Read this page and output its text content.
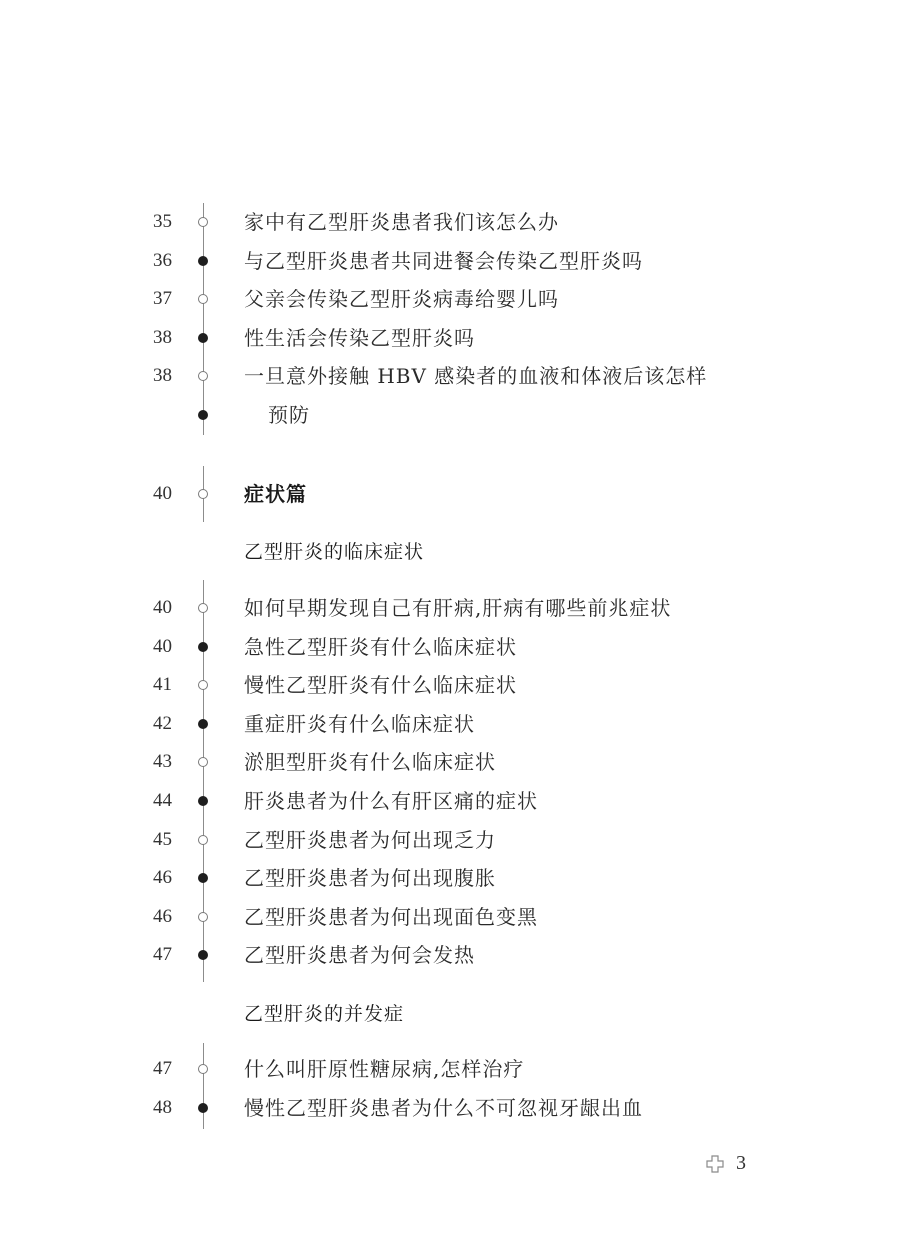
35	家中有乙型肝炎患者我们该怎么办
36	与乙型肝炎患者共同进餐会传染乙型肝炎吗
37	父亲会传染乙型肝炎病毒给婴儿吗
38	性生活会传染乙型肝炎吗
38	一旦意外接触 HBV 感染者的血液和体液后该怎样
预防
40	症状篇
乙型肝炎的临床症状
40	如何早期发现自己有肝病,肝病有哪些前兆症状
40	急性乙型肝炎有什么临床症状
41	慢性乙型肝炎有什么临床症状
42	重症肝炎有什么临床症状
43	淤胆型肝炎有什么临床症状
44	肝炎患者为什么有肝区痛的症状
45	乙型肝炎患者为何出现乏力
46	乙型肝炎患者为何出现腹胀
46	乙型肝炎患者为何出现面色变黑
47	乙型肝炎患者为何会发热
乙型肝炎的并发症
47	什么叫肝原性糖尿病,怎样治疗
48	慢性乙型肝炎患者为什么不可忽视牙龈出血
3
